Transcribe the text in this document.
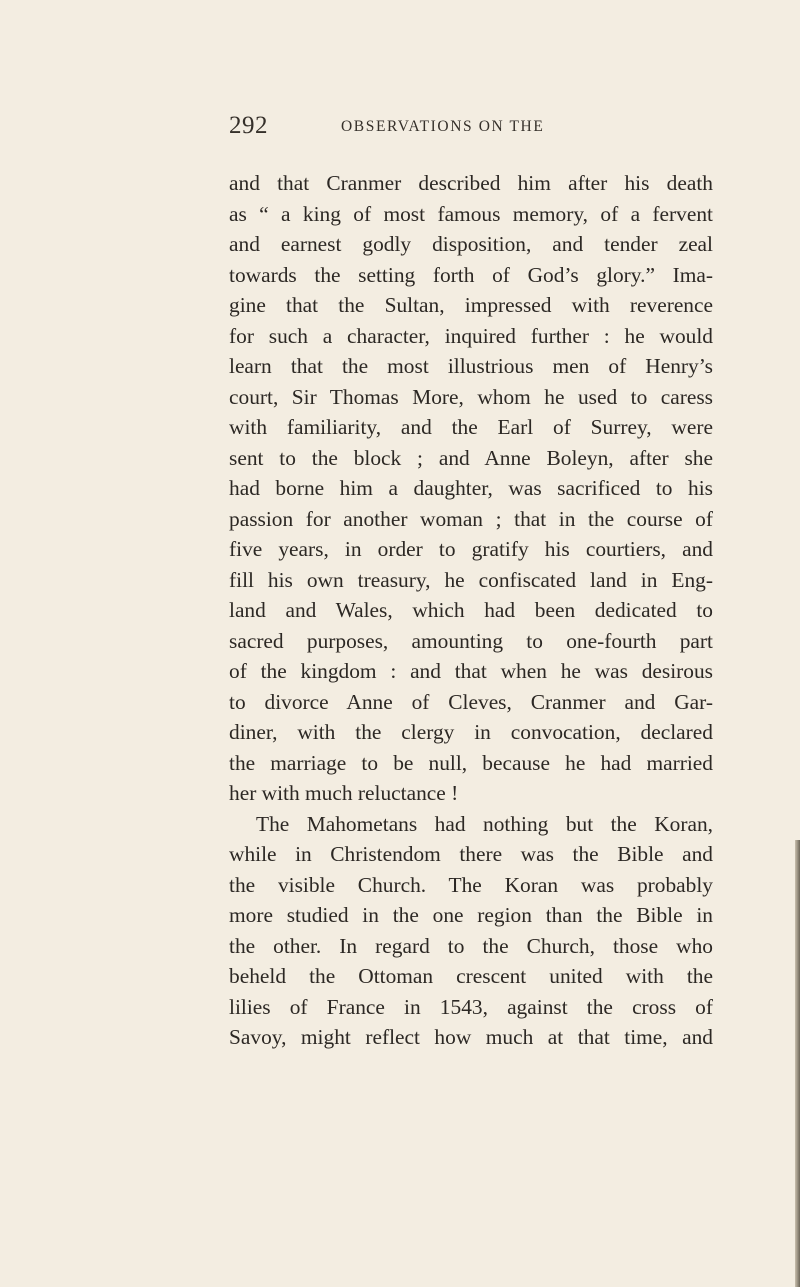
292	OBSERVATIONS ON THE
and that Cranmer described him after his death
as “ a king of most famous memory, of a fervent
and earnest godly disposition, and tender zeal
towards the setting forth of God’s glory.” Ima-
gine that the Sultan, impressed with reverence
for such a character, inquired further : he would
learn that the most illustrious men of Henry’s
court, Sir Thomas More, whom he used to caress
with familiarity, and the Earl of Surrey, were
sent to the block ; and Anne Boleyn, after she
had borne him a daughter, was sacrificed to his
passion for another woman ; that in the course of
five years, in order to gratify his courtiers, and
fill his own treasury, he confiscated land in Eng-
land and Wales, which had been dedicated to
sacred purposes, amounting to one-fourth part
of the kingdom : and that when he was desirous
to divorce Anne of Cleves, Cranmer and Gar-
diner, with the clergy in convocation, declared
the marriage to be null, because he had married
her with much reluctance !
The Mahometans had nothing but the Koran,
while in Christendom there was the Bible and
the visible Church. The Koran was probably
more studied in the one region than the Bible in
the other. In regard to the Church, those who
beheld the Ottoman crescent united with the
lilies of France in 1543, against the cross of
Savoy, might reflect how much at that time, and
